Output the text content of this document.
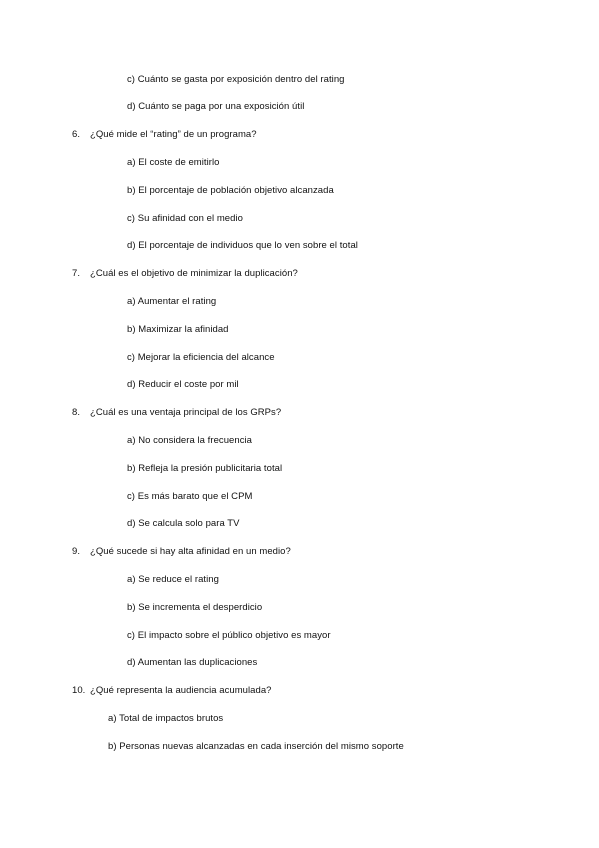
c) Cuánto se gasta por exposición dentro del rating
d) Cuánto se paga por una exposición útil
6. ¿Qué mide el “rating” de un programa?
a) El coste de emitirlo
b) El porcentaje de población objetivo alcanzada
c) Su afinidad con el medio
d) El porcentaje de individuos que lo ven sobre el total
7. ¿Cuál es el objetivo de minimizar la duplicación?
a) Aumentar el rating
b) Maximizar la afinidad
c) Mejorar la eficiencia del alcance
d) Reducir el coste por mil
8. ¿Cuál es una ventaja principal de los GRPs?
a) No considera la frecuencia
b) Refleja la presión publicitaria total
c) Es más barato que el CPM
d) Se calcula solo para TV
9. ¿Qué sucede si hay alta afinidad en un medio?
a) Se reduce el rating
b) Se incrementa el desperdicio
c) El impacto sobre el público objetivo es mayor
d) Aumentan las duplicaciones
10. ¿Qué representa la audiencia acumulada?
a) Total de impactos brutos
b) Personas nuevas alcanzadas en cada inserción del mismo soporte
